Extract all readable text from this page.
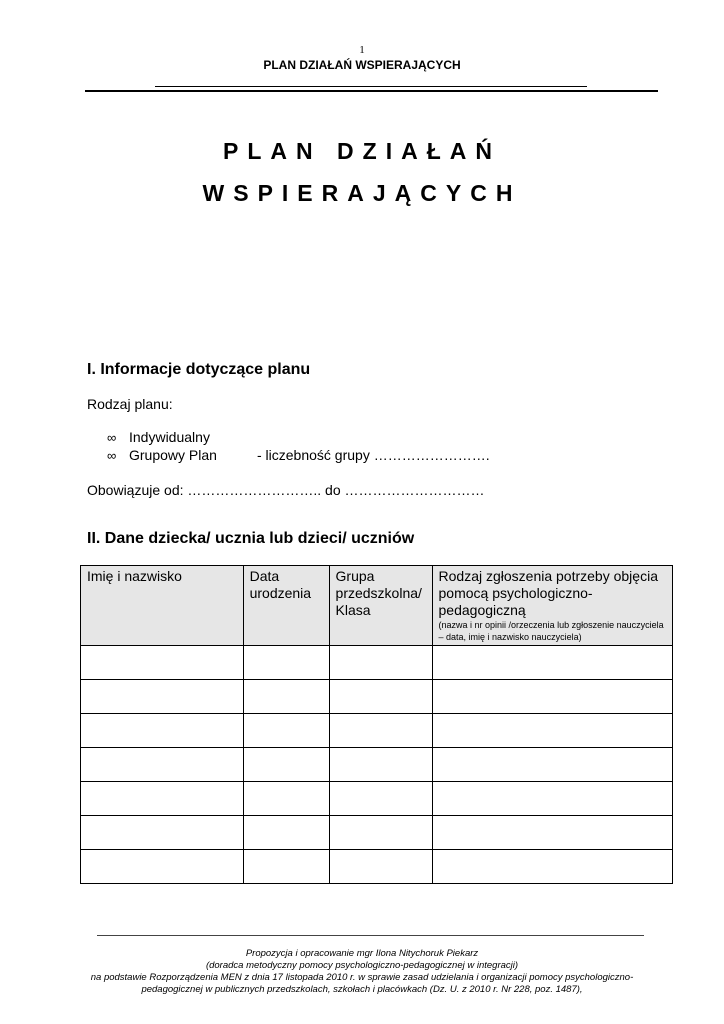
1
PLAN DZIAŁAŃ WSPIERAJĄCYCH
PLAN DZIAŁAŃ
WSPIERAJĄCYCH
I. Informacje dotyczące planu
Rodzaj planu:
∞ Indywidualny
∞ Grupowy Plan	- liczebność grupy …………………….
Obowiązuje od: ……………………….. do …………………………
II. Dane dziecka/ ucznia lub dzieci/ uczniów
Imię i nazwisko	Data urodzenia	Grupa przedszkolna/ Klasa	Rodzaj zgłoszenia potrzeby objęcia pomocą psychologiczno-pedagogiczną
(nazwa i nr opinii /orzeczenia lub zgłoszenie nauczyciela – data, imię i nazwisko nauczyciela)

Propozycja i opracowanie mgr Ilona Nitychoruk Piekarz
(doradca metodyczny pomocy psychologiczno-pedagogicznej w integracji)
na podstawie Rozporządzenia MEN z dnia 17 listopada 2010 r. w sprawie zasad udzielania i organizacji pomocy psychologiczno-
pedagogicznej w publicznych przedszkolach, szkołach i placówkach (Dz. U. z 2010 r. Nr 228, poz. 1487),
